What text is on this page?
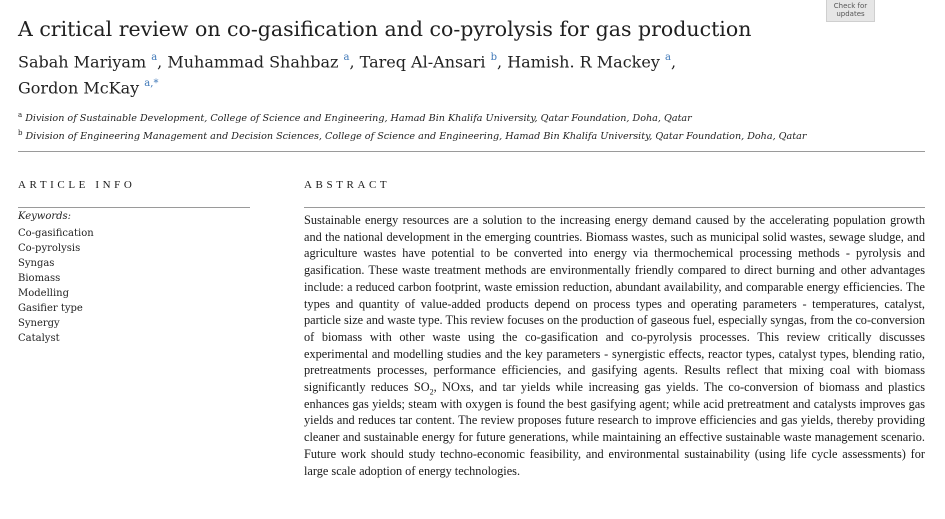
A critical review on co-gasification and co-pyrolysis for gas production
Check for
updates
Sabah Mariyam $^a$, Muhammad Shahbaz $^a$, Tareq Al-Ansari $^b$, Hamish. R Mackey $^a$,
Gordon McKay $^{a,*}$
$^a$ Division of Sustainable Development, College of Science and Engineering, Hamad Bin Khalifa University, Qatar Foundation, Doha, Qatar
$^b$ Division of Engineering Management and Decision Sciences, College of Science and Engineering, Hamad Bin Khalifa University, Qatar Foundation, Doha, Qatar
ARTICLE INFO	ABSTRACT
Keywords:
Co-gasification
Co-pyrolysis
Syngas
Biomass
Modelling
Gasifier type
Synergy
Catalyst

Sustainable energy resources are a solution to the increasing energy demand caused by the accelerating population growth and the national development in the emerging countries. Biomass wastes, such as municipal solid wastes, sewage sludge, and agriculture wastes have potential to be converted into energy via thermochemical processing methods - pyrolysis and gasification. These waste treatment methods are environmentally friendly compared to direct burning and other advantages include: a reduced carbon footprint, waste emission reduction, abundant availability, and comparable energy efficiencies. The types and quantity of value-added products depend on process types and operating parameters - temperatures, catalyst, particle size and waste type. This review focuses on the production of gaseous fuel, especially syngas, from the co-conversion of biomass with other waste using the co-gasification and co-pyrolysis processes. This review critically discusses experimental and modelling studies and the key parameters - synergistic effects, reactor types, catalyst types, blending ratio, pretreatments processes, performance efficiencies, and gasifying agents. Results reflect that mixing coal with biomass significantly reduces $SO_2$, NOxs, and tar yields while increasing gas yields. The co-conversion of biomass and plastics enhances gas yields; steam with oxygen is found the best gasifying agent; while acid pretreatment and catalysts improves gas yields and reduces tar content. The review proposes future research to improve efficiencies and gas yields, thereby providing cleaner and sustainable energy for future generations, while maintaining an effective sustainable waste management scenario. Future work should study techno-economic feasibility, and environmental sustainability (using life cycle assessments) for large scale adoption of energy technologies.
